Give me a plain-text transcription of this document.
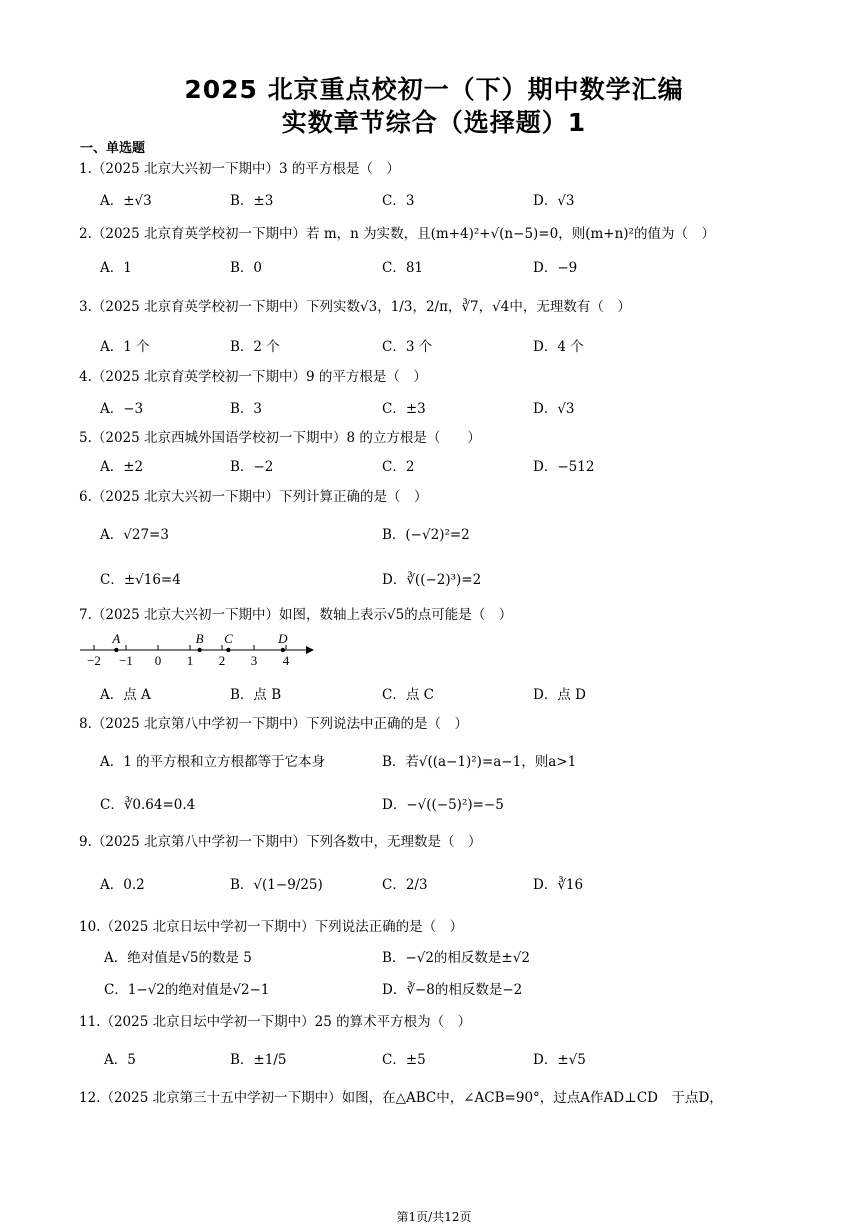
2025 北京重点校初一（下）期中数学汇编
实数章节综合（选择题）1
一、单选题
1.（2025 北京大兴初一下期中）3 的平方根是（　）
A．±√3	B．±3	C．3	D．√3
2.（2025 北京育英学校初一下期中）若 m，n 为实数，且(m+4)²+√(n−5)=0，则(m+n)²的值为（　）
A．1	B．0	C．81	D．−9
3.（2025 北京育英学校初一下期中）下列实数√3，1/3，2/π，∛7，√4中，无理数有（　）
A．1 个	B．2 个	C．3 个	D．4 个
4.（2025 北京育英学校初一下期中）9 的平方根是（　）
A．−3	B．3	C．±3	D．√3
5.（2025 北京西城外国语学校初一下期中）8 的立方根是（　　）
A．±2	B．−2	C．2	D．−512
6.（2025 北京大兴初一下期中）下列计算正确的是（　）
A．√27=3	B．(−√2)²=2
C．±√16=4	D．∛((−2)³)=2
7.（2025 北京大兴初一下期中）如图，数轴上表示√5的点可能是（　）
−2 −1 0 1 2 3 4
A	B C	D
A．点 A	B．点 B	C．点 C	D．点 D
8.（2025 北京第八中学初一下期中）下列说法中正确的是（　）
A．1 的平方根和立方根都等于它本身	B．若√((a−1)²)=a−1，则a>1
C．∛0.64=0.4	D．−√((−5)²)=−5
9.（2025 北京第八中学初一下期中）下列各数中，无理数是（　）
A．0.2̇	B．√(1−9/25)	C．2/3	D．∛16
10.（2025 北京日坛中学初一下期中）下列说法正确的是（　）
A．绝对值是√5的数是 5	B．−√2的相反数是±√2
C．1−√2的绝对值是√2−1	D．∛−8的相反数是−2
11.（2025 北京日坛中学初一下期中）25 的算术平方根为（　）
A．5	B．±1/5	C．±5	D．±√5
12.（2025 北京第三十五中学初一下期中）如图，在△ABC中，∠ACB=90°，过点A作AD⊥CD　于点D，
第1页/共12页
